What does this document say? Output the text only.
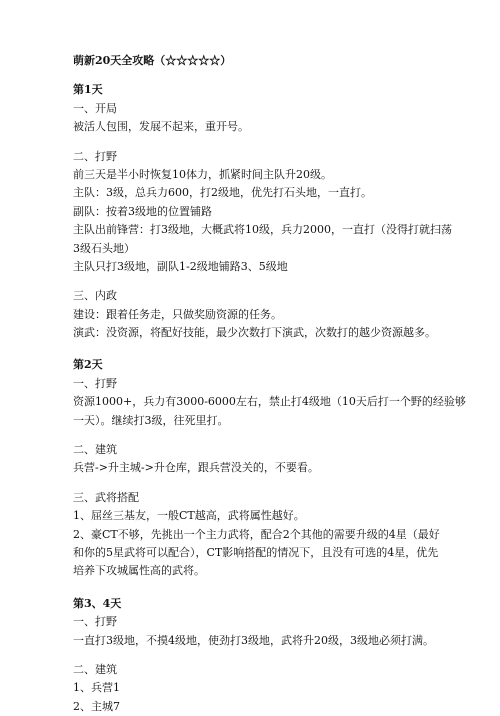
萌新20天全攻略（☆☆☆☆☆）
第1天
一、开局
被活人包围，发展不起来，重开号。
二、打野
前三天是半小时恢复10体力，抓紧时间主队升20级。
主队：3级，总兵力600，打2级地，优先打石头地，一直打。
副队：按着3级地的位置铺路
主队出前锋营：打3级地，大概武将10级，兵力2000，一直打（没得打就扫荡
3级石头地）
主队只打3级地，副队1-2级地铺路3、5级地
三、内政
建设：跟着任务走，只做奖励资源的任务。
演武：没资源，将配好技能，最少次数打下演武，次数打的越少资源越多。
第2天
一、打野
资源1000+，兵力有3000-6000左右，禁止打4级地（10天后打一个野的经验够
一天）。继续打3级，往死里打。
二、建筑
兵营->升主城->升仓库，跟兵营没关的，不要看。
三、武将搭配
1、屈丝三基友，一般CT越高，武将属性越好。
2、豪CT不够，先挑出一个主力武将，配合2个其他的需要升级的4星（最好
和你的5星武将可以配合），CT影响搭配的情况下，且没有可选的4星，优先
培养下攻城属性高的武将。
第3、4天
一、打野
一直打3级地，不摸4级地，使劲打3级地，武将升20级，3级地必须打满。
二、建筑
1、兵营1
2、主城7
